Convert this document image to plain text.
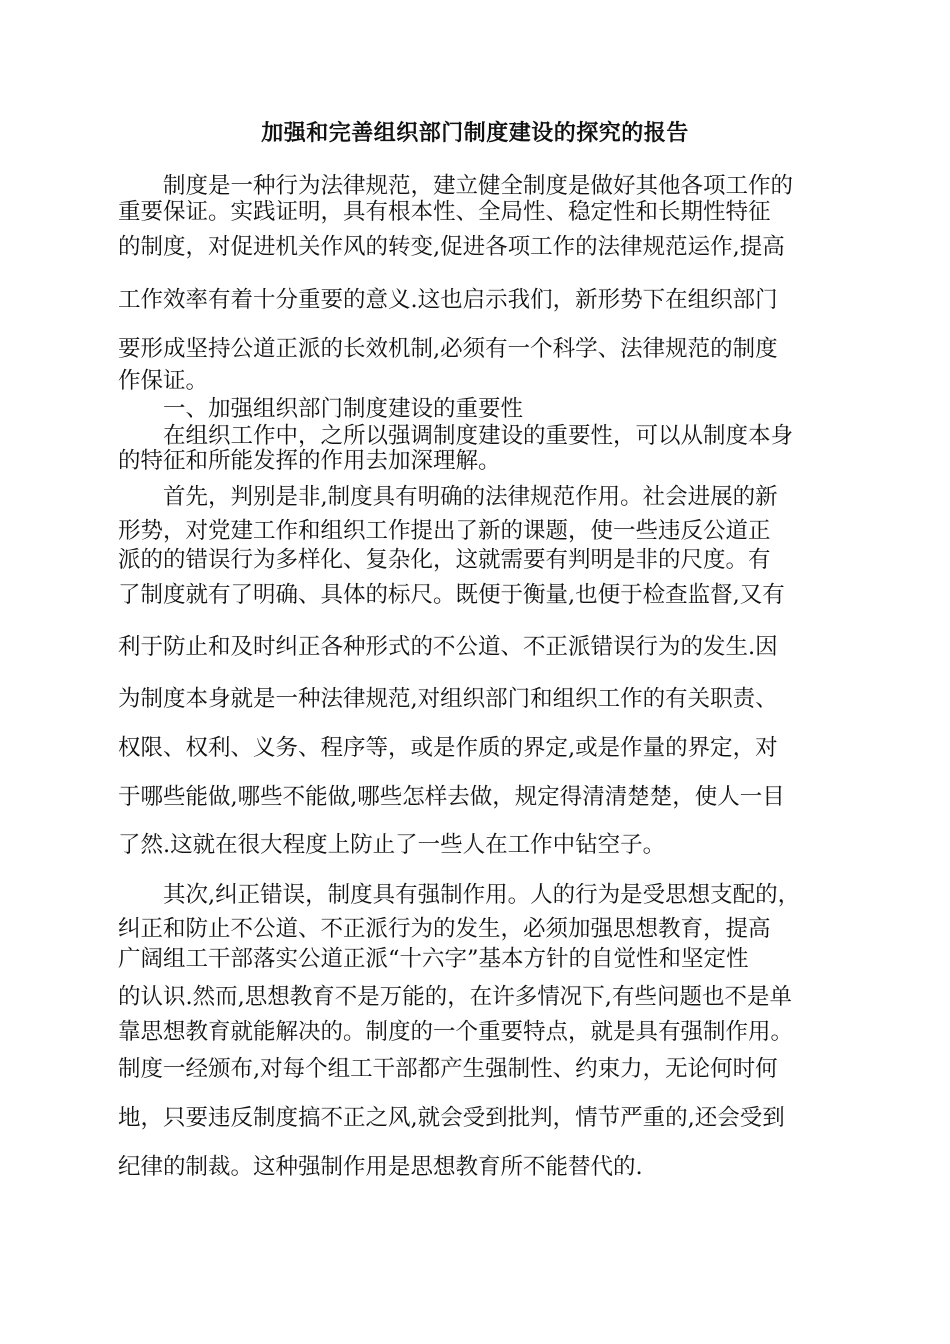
加强和完善组织部门制度建设的探究的报告

制度是一种行为法律规范，建立健全制度是做好其他各项工作的

重要保证。实践证明，具有根本性、全局性、稳定性和长期性特征

的制度，对促进机关作风的转变,促进各项工作的法律规范运作,提高

工作效率有着十分重要的意义.这也启示我们，新形势下在组织部门

要形成坚持公道正派的长效机制,必须有一个科学、法律规范的制度

作保证。

一、加强组织部门制度建设的重要性

在组织工作中，之所以强调制度建设的重要性，可以从制度本身

的特征和所能发挥的作用去加深理解。

首先，判别是非,制度具有明确的法律规范作用。社会进展的新

形势，对党建工作和组织工作提出了新的课题，使一些违反公道正

派的的错误行为多样化、复杂化，这就需要有判明是非的尺度。有

了制度就有了明确、具体的标尺。既便于衡量,也便于检查监督,又有

利于防止和及时纠正各种形式的不公道、不正派错误行为的发生.因

为制度本身就是一种法律规范,对组织部门和组织工作的有关职责、

权限、权利、义务、程序等，或是作质的界定,或是作量的界定，对

于哪些能做,哪些不能做,哪些怎样去做，规定得清清楚楚，使人一目

了然.这就在很大程度上防止了一些人在工作中钻空子。

其次,纠正错误，制度具有强制作用。人的行为是受思想支配的，

纠正和防止不公道、不正派行为的发生，必须加强思想教育，提高

广阔组工干部落实公道正派“十六字”基本方针的自觉性和坚定性

的认识.然而,思想教育不是万能的，在许多情况下,有些问题也不是单

靠思想教育就能解决的。制度的一个重要特点，就是具有强制作用。

制度一经颁布,对每个组工干部都产生强制性、约束力，无论何时何

地，只要违反制度搞不正之风,就会受到批判，情节严重的,还会受到

纪律的制裁。这种强制作用是思想教育所不能替代的.
